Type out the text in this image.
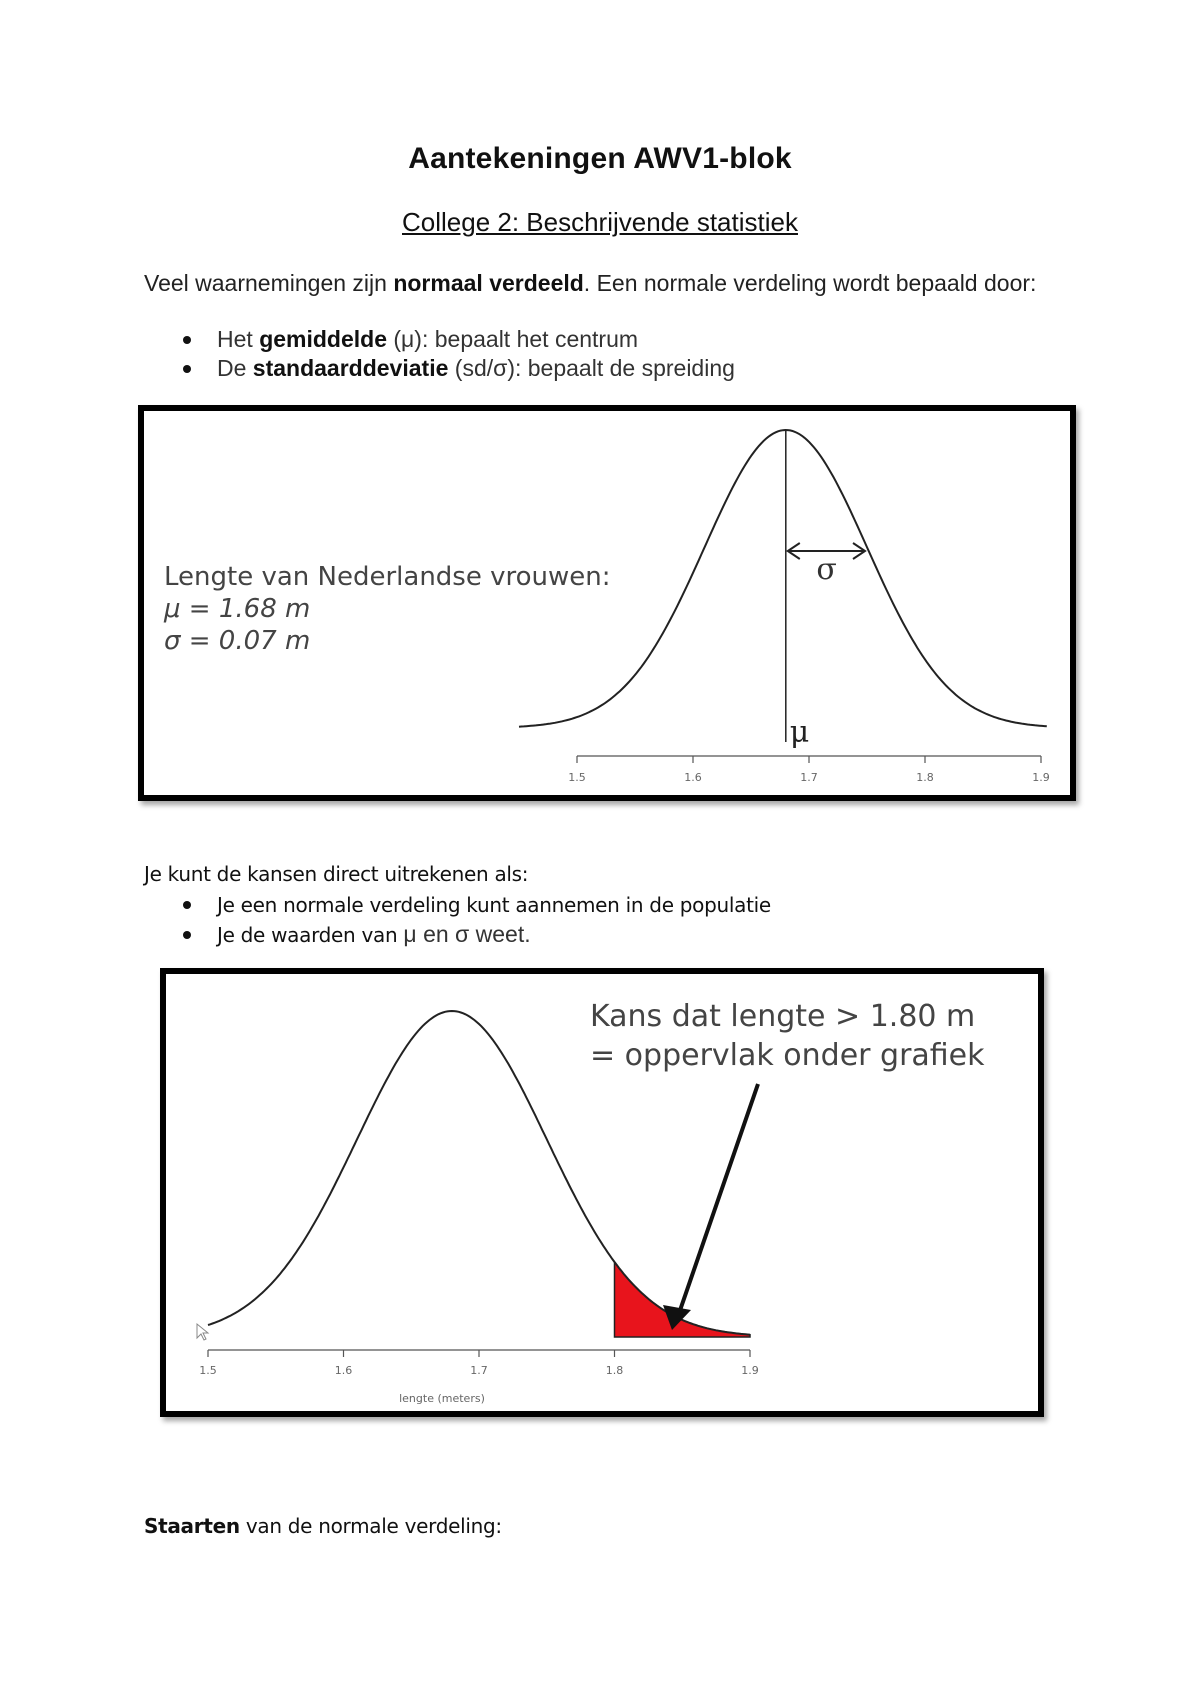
Aantekeningen AWV1-blok
College 2: Beschrijvende statistiek
Veel waarnemingen zijn normaal verdeeld. Een normale verdeling wordt bepaald door:
Het gemiddelde (μ): bepaalt het centrum
De standaarddeviatie (sd/σ): bepaalt de spreiding
Lengte van Nederlandse vrouwen:
μ = 1.68 m
σ = 0.07 m
σ
μ
1.5	1.6	1.7	1.8	1.9
Je kunt de kansen direct uitrekenen als:
Je een normale verdeling kunt aannemen in de populatie
Je de waarden van μ en σ weet.
Kans dat lengte > 1.80 m
= oppervlak onder grafiek
1.5	1.6	1.7	1.8	1.9
lengte (meters)
Staarten van de normale verdeling:
